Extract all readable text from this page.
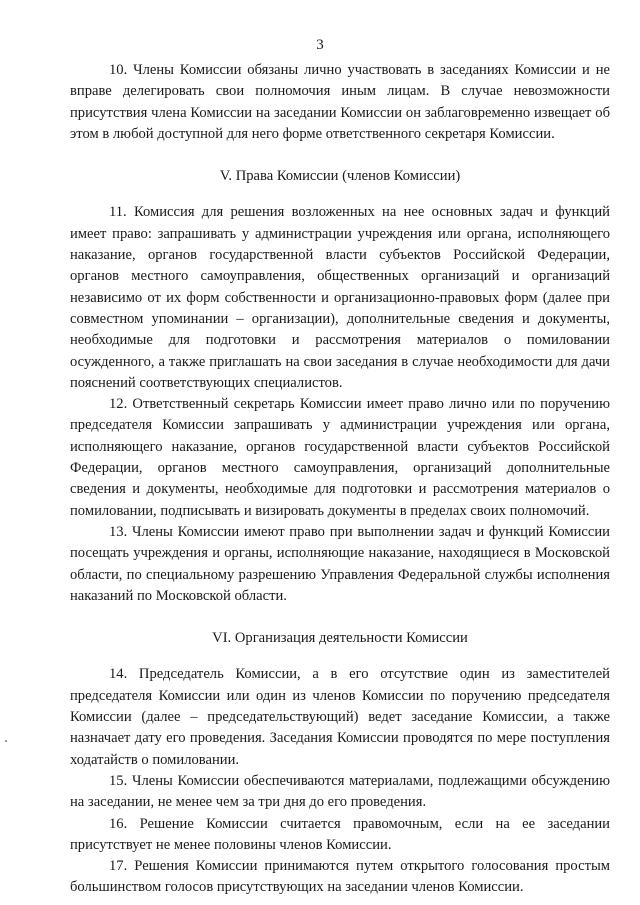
3

10. Члены Комиссии обязаны лично участвовать в заседаниях Комиссии и не вправе делегировать свои полномочия иным лицам. В случае невозможности присутствия члена Комиссии на заседании Комиссии он заблаговременно извещает об этом в любой доступной для него форме ответственного секретаря Комиссии.

V. Права Комиссии (членов Комиссии)

11. Комиссия для решения возложенных на нее основных задач и функций имеет право: запрашивать у администрации учреждения или органа, исполняющего наказание, органов государственной власти субъектов Российской Федерации, органов местного самоуправления, общественных организаций и организаций независимо от их форм собственности и организационно-правовых форм (далее при совместном упоминании – организации), дополнительные сведения и документы, необходимые для подготовки и рассмотрения материалов о помиловании осужденного, а также приглашать на свои заседания в случае необходимости для дачи пояснений соответствующих специалистов.

12. Ответственный секретарь Комиссии имеет право лично или по поручению председателя Комиссии запрашивать у администрации учреждения или органа, исполняющего наказание, органов государственной власти субъектов Российской Федерации, органов местного самоуправления, организаций дополнительные сведения и документы, необходимые для подготовки и рассмотрения материалов о помиловании, подписывать и визировать документы в пределах своих полномочий.

13. Члены Комиссии имеют право при выполнении задач и функций Комиссии посещать учреждения и органы, исполняющие наказание, находящиеся в Московской области, по специальному разрешению Управления Федеральной службы исполнения наказаний по Московской области.

VI. Организация деятельности Комиссии

14. Председатель Комиссии, а в его отсутствие один из заместителей председателя Комиссии или один из членов Комиссии по поручению председателя Комиссии (далее – председательствующий) ведет заседание Комиссии, а также назначает дату его проведения. Заседания Комиссии проводятся по мере поступления ходатайств о помиловании.

15. Члены Комиссии обеспечиваются материалами, подлежащими обсуждению на заседании, не менее чем за три дня до его проведения.

16. Решение Комиссии считается правомочным, если на ее заседании присутствует не менее половины членов Комиссии.

17. Решения Комиссии принимаются путем открытого голосования простым большинством голосов присутствующих на заседании членов Комиссии.
